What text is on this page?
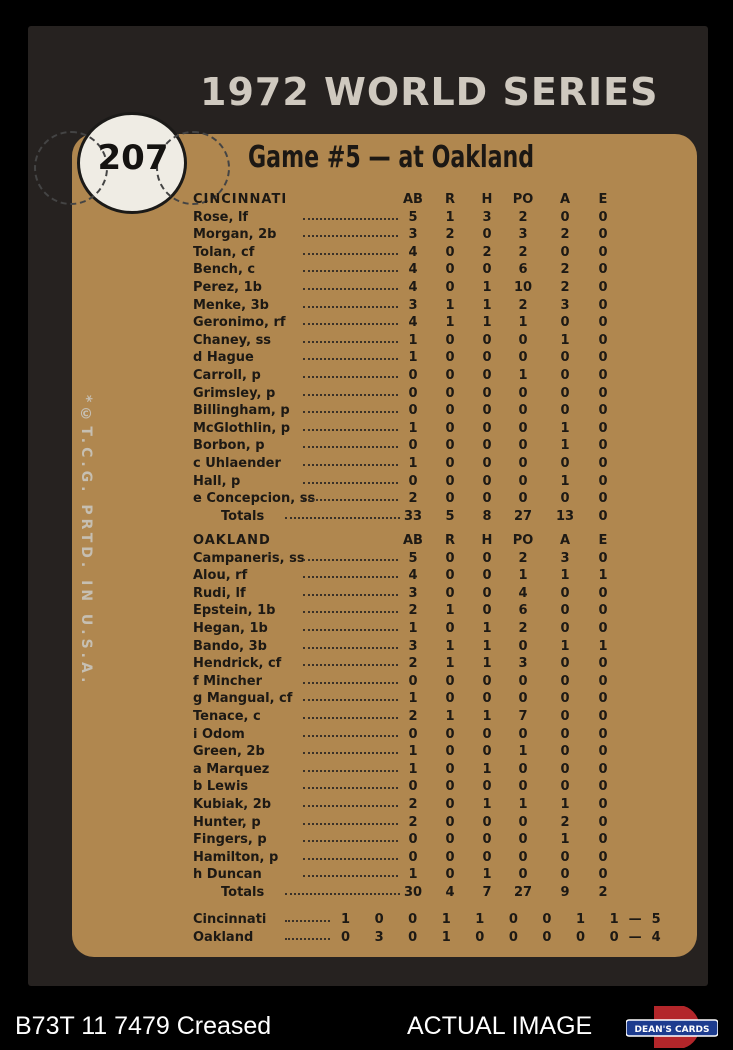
1972 WORLD SERIES
207	Game #5 — at Oakland
*©T.C.G. PRTD. IN U.S.A.
CINCINNATI	AB	R	H	PO	A	E
Rose, lf	5	1	3	2	0	0
Morgan, 2b	3	2	0	3	2	0
Tolan, cf	4	0	2	2	0	0
Bench, c	4	0	0	6	2	0
Perez, 1b	4	0	1	10	2	0
Menke, 3b	3	1	1	2	3	0
Geronimo, rf	4	1	1	1	0	0
Chaney, ss	1	0	0	0	1	0
d Hague	1	0	0	0	0	0
Carroll, p	0	0	0	1	0	0
Grimsley, p	0	0	0	0	0	0
Billingham, p	0	0	0	0	0	0
McGlothlin, p	1	0	0	0	1	0
Borbon, p	0	0	0	0	1	0
c Uhlaender	1	0	0	0	0	0
Hall, p	0	0	0	0	1	0
e Concepcion, ss	2	0	0	0	0	0
Totals	33	5	8	27 13	0
OAKLAND	AB	R	H	PO	A	E
Campaneris, ss	5	0	0	2	3	0
Alou, rf	4	0	0	1	1	1
Rudi, lf	3	0	0	4	0	0
Epstein, 1b	2	1	0	6	0	0
Hegan, 1b	1	0	1	2	0	0
Bando, 3b	3	1	1	0	1	1
Hendrick, cf	2	1	1	3	0	0
f Mincher	0	0	0	0	0	0
g Mangual, cf	1	0	0	0	0	0
Tenace, c	2	1	1	7	0	0
i Odom	0	0	0	0	0	0
Green, 2b	1	0	0	1	0	0
a Marquez	1	0	1	0	0	0
b Lewis	0	0	0	0	0	0
Kubiak, 2b	2	0	1	1	1	0
Hunter, p	2	0	0	0	2	0
Fingers, p	0	0	0	0	1	0
Hamilton, p	0	0	0	0	0	0
h Duncan	1	0	1	0	0	0
Totals	30	4	7	27	9	2
Cincinnati	1 0 0 1 1 0 0 1 1—5
Oakland	0 3 0 1 0 0 0 0 0—4
B73T 11 7479 Creased	ACTUAL IMAGE	DEAN'S CARDS
